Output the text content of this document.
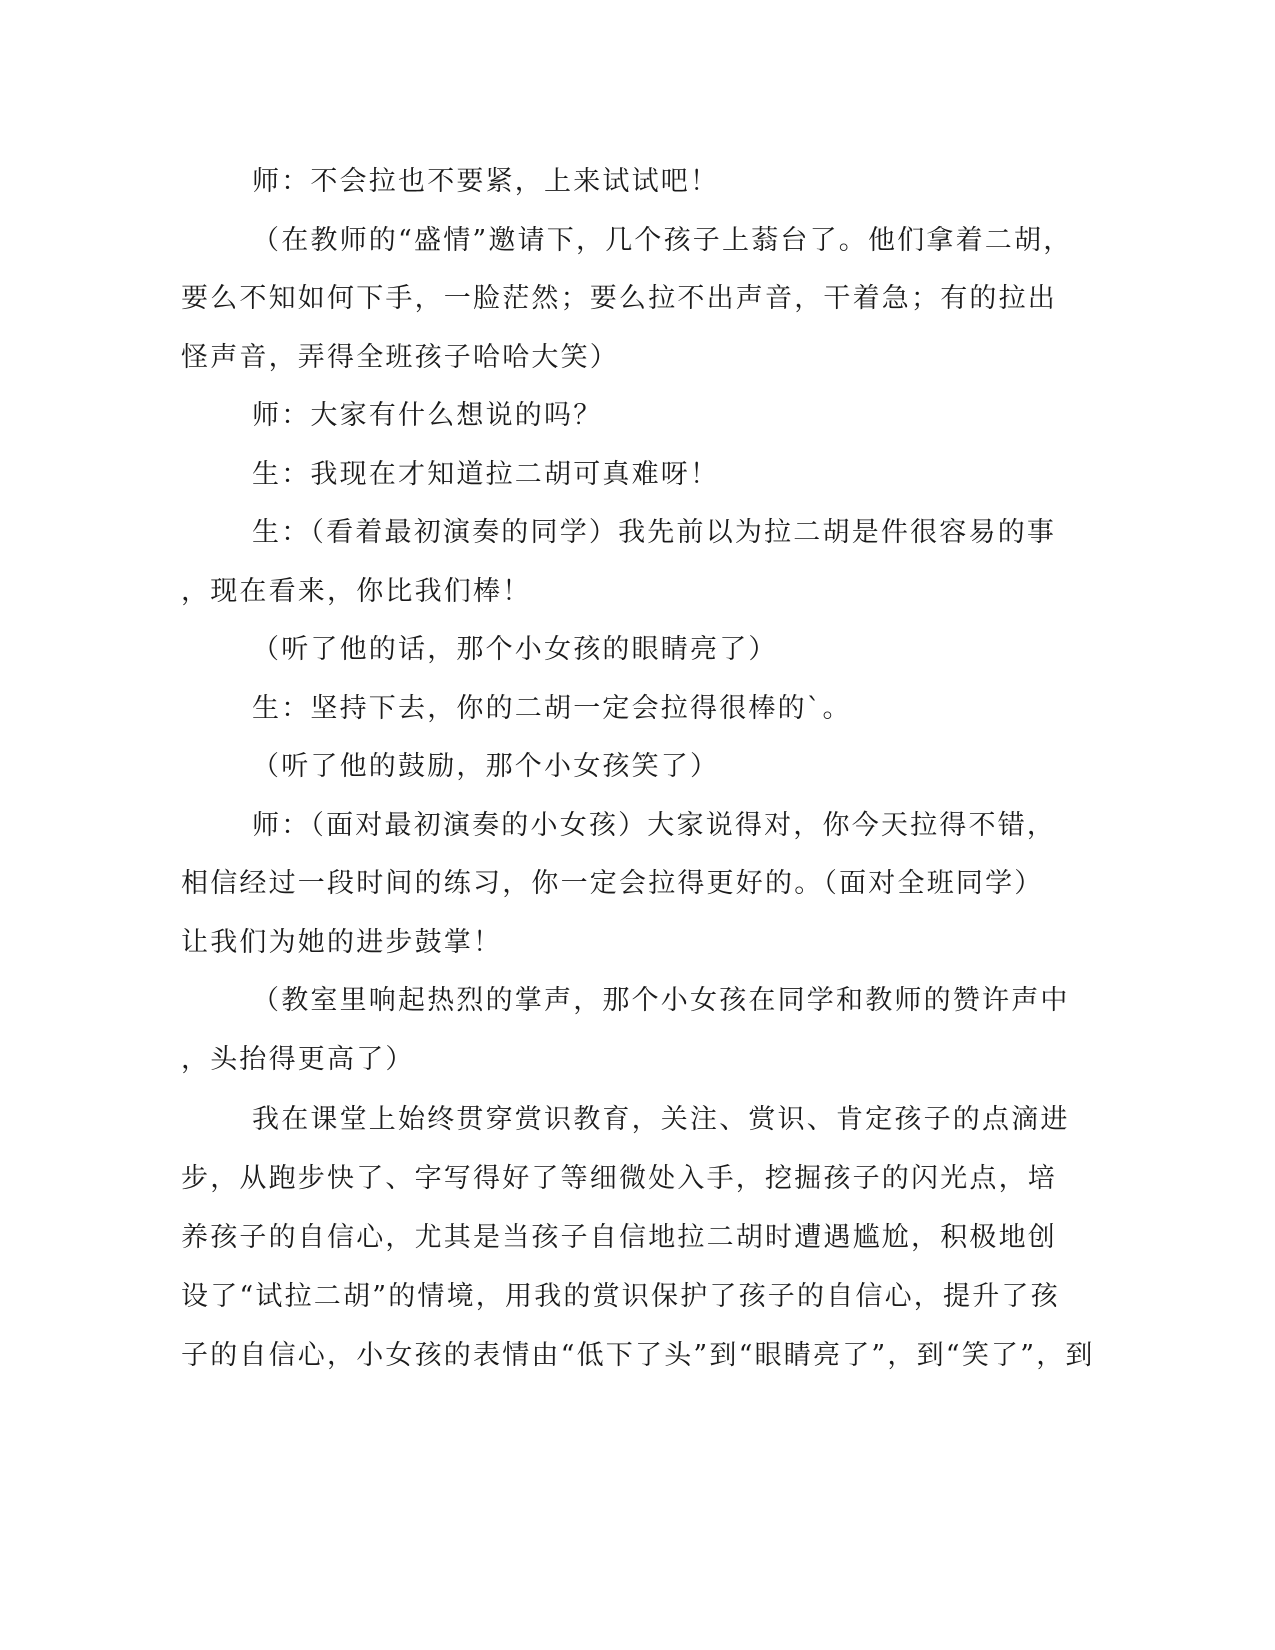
师：不会拉也不要紧，上来试试吧！
（在教师的“盛情”邀请下，几个孩子上蓊台了。他们拿着二胡，
要么不知如何下手，一脸茫然；要么拉不出声音，干着急；有的拉出
怪声音，弄得全班孩子哈哈大笑）
师：大家有什么想说的吗？
生：我现在才知道拉二胡可真难呀！
生：（看着最初演奏的同学）我先前以为拉二胡是件很容易的事
，现在看来，你比我们棒！
（听了他的话，那个小女孩的眼睛亮了）
生：坚持下去，你的二胡一定会拉得很棒的`。
（听了他的鼓励，那个小女孩笑了）
师：（面对最初演奏的小女孩）大家说得对，你今天拉得不错，
相信经过一段时间的练习，你一定会拉得更好的。（面对全班同学）
让我们为她的进步鼓掌！
（教室里响起热烈的掌声，那个小女孩在同学和教师的赞许声中
，头抬得更高了）
我在课堂上始终贯穿赏识教育，关注、赏识、肯定孩子的点滴进
步，从跑步快了、字写得好了等细微处入手，挖掘孩子的闪光点，培
养孩子的自信心，尤其是当孩子自信地拉二胡时遭遇尴尬，积极地创
设了“试拉二胡”的情境，用我的赏识保护了孩子的自信心，提升了孩
子的自信心，小女孩的表情由“低下了头”到“眼睛亮了”，到“笑了”，到
